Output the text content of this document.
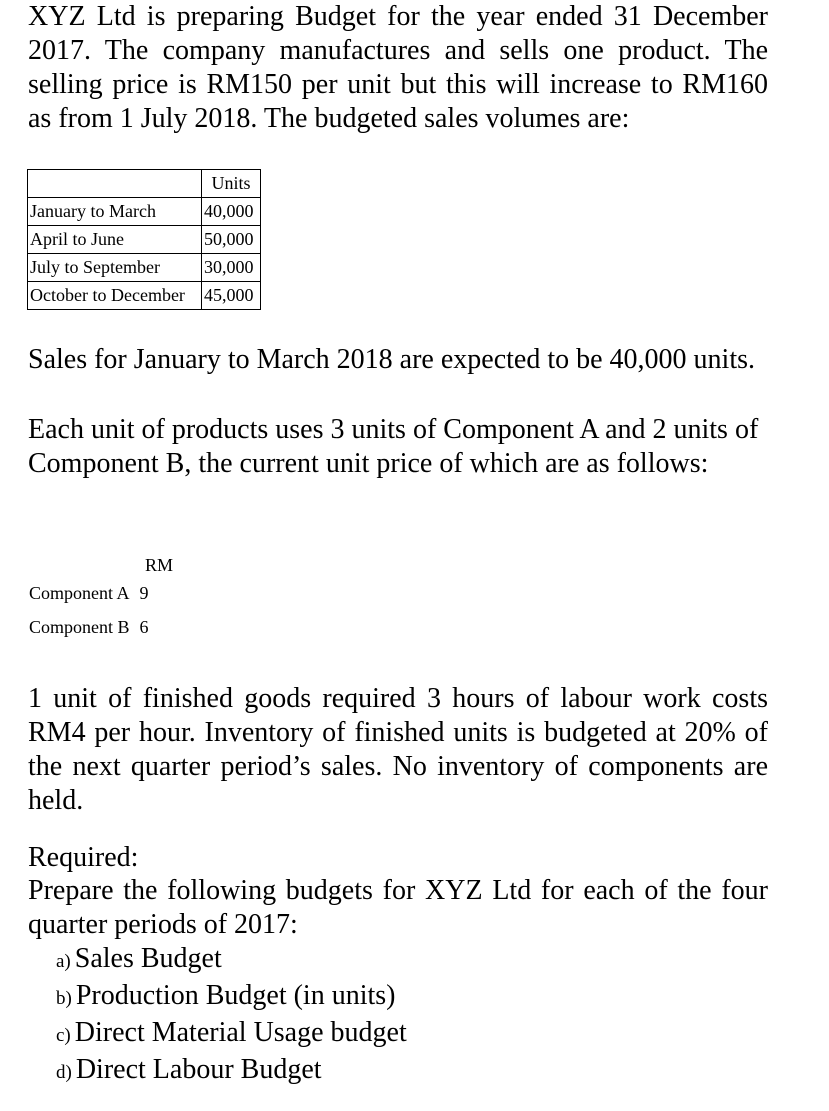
XYZ Ltd is preparing Budget for the year ended 31 December 2017. The company manufactures and sells one product. The selling price is RM150 per unit but this will increase to RM160 as from 1 July 2018. The budgeted sales volumes are:

	Units
January to March	40,000
April to June	50,000
July to September	30,000
October to December	45,000

Sales for January to March 2018 are expected to be 40,000 units.

Each unit of products uses 3 units of Component A and 2 units of Component B, the current unit price of which are as follows:

RM
Component A 9
Component B 6

1 unit of finished goods required 3 hours of labour work costs RM4 per hour. Inventory of finished units is budgeted at 20% of the next quarter period’s sales. No inventory of components are held.

Required:

Prepare the following budgets for XYZ Ltd for each of the four quarter periods of 2017:

a) Sales Budget
b) Production Budget (in units)
c) Direct Material Usage budget
d) Direct Labour Budget
